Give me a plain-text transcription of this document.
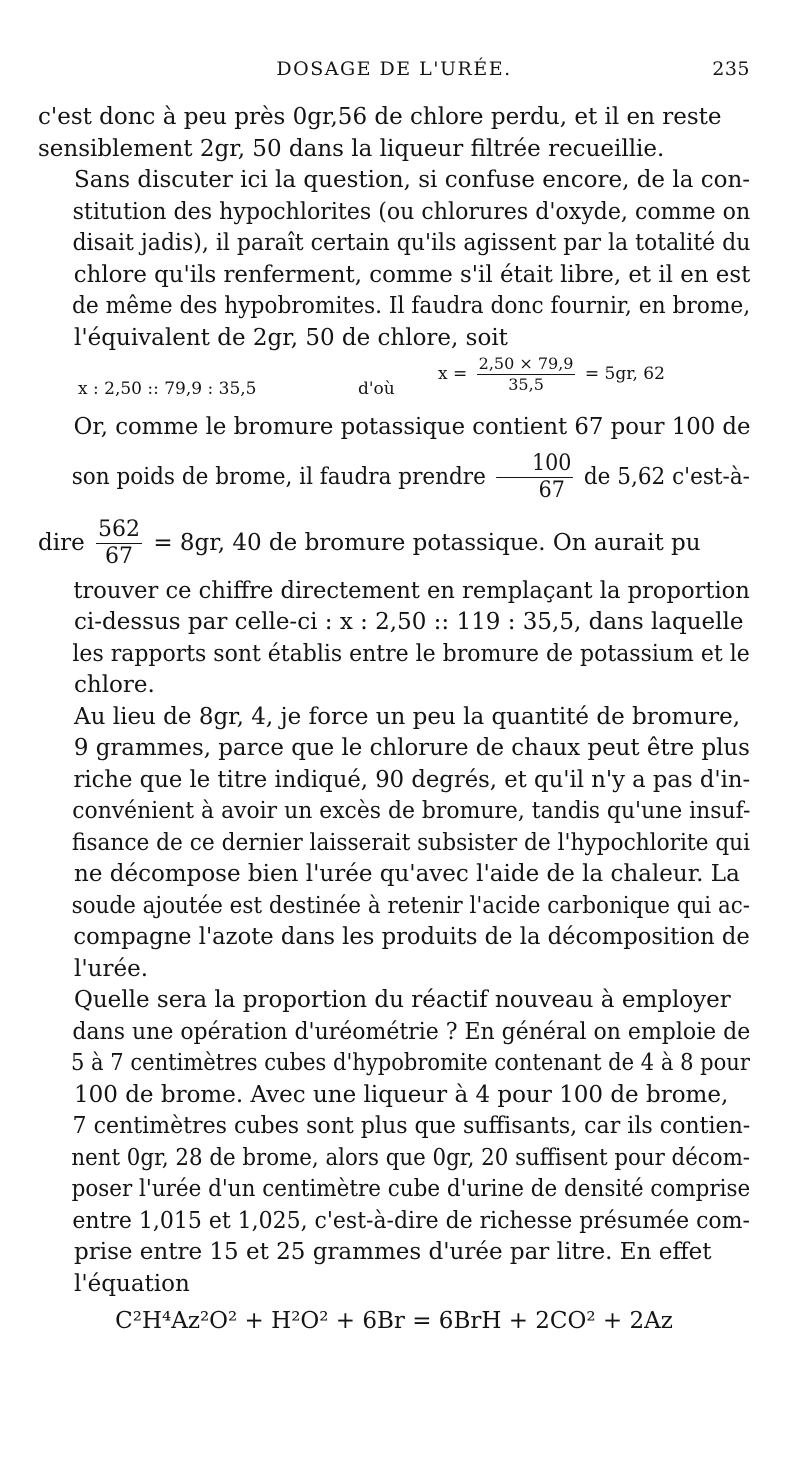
DOSAGE DE L'URÉE.	235

c'est donc à peu près 0gr,56 de chlore perdu, et il en reste
sensiblement 2gr, 50 dans la liqueur filtrée recueillie.

Sans discuter ici la question, si confuse encore, de la con-
stitution des hypochlorites (ou chlorures d'oxyde, comme on
disait jadis), il paraît certain qu'ils agissent par la totalité du
chlore qu'ils renferment, comme s'il était libre, et il en est
de même des hypobromites. Il faudra donc fournir, en brome,
l'équivalent de 2gr, 50 de chlore, soit

x : 2,50 :: 79,9 : 35,5	d'où
$x = \frac{2,50 \times 79,9}{35,5} = 5gr$, 62

Or, comme le bromure potassique contient 67 pour 100 de
son poids de brome, il faudra prendre $\frac{100}{67}$ de 5,62 c'est-à-
dire $\frac{562}{67} = 8gr$, 40 de bromure potassique. On aurait pu
trouver ce chiffre directement en remplaçant la proportion
ci-dessus par celle-ci : x : 2,50 :: 119 : 35,5, dans laquelle
les rapports sont établis entre le bromure de potassium et le
chlore.

Au lieu de 8gr, 4, je force un peu la quantité de bromure,
9 grammes, parce que le chlorure de chaux peut être plus
riche que le titre indiqué, 90 degrés, et qu'il n'y a pas d'in-
convénient à avoir un excès de bromure, tandis qu'une insuf-
fisance de ce dernier laisserait subsister de l'hypochlorite qui
ne décompose bien l'urée qu'avec l'aide de la chaleur. La
soude ajoutée est destinée à retenir l'acide carbonique qui ac-
compagne l'azote dans les produits de la décomposition de
l'urée.

Quelle sera la proportion du réactif nouveau à employer
dans une opération d'uréométrie ? En général on emploie de
5 à 7 centimètres cubes d'hypobromite contenant de 4 à 8 pour
100 de brome. Avec une liqueur à 4 pour 100 de brome,
7 centimètres cubes sont plus que suffisants, car ils contien-
nent 0gr, 28 de brome, alors que 0gr, 20 suffisent pour décom-
poser l'urée d'un centimètre cube d'urine de densité comprise
entre 1,015 et 1,025, c'est-à-dire de richesse présumée com-
prise entre 15 et 25 grammes d'urée par litre. En effet
l'équation

C²H⁴Az²O² + H²O² + 6Br = 6BrH + 2CO² + 2Az
